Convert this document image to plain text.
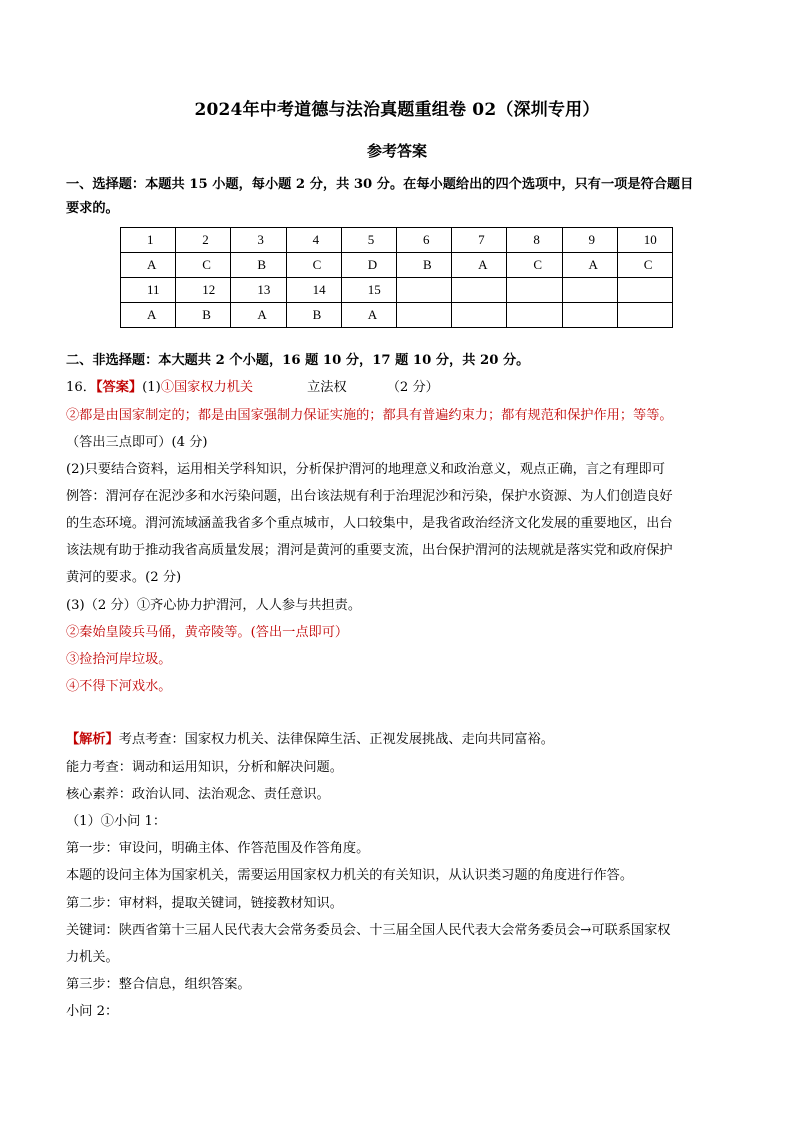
2024年中考道德与法治真题重组卷 02（深圳专用）
参考答案
一、选择题：本题共 15 小题，每小题 2 分，共 30 分。在每小题给出的四个选项中，只有一项是符合题目
要求的。
1	2	3	4	5	6	7	8	9	10
A	C	B	C	D	B	A	C	A	C
11	12	13	14	15					
A	B	A	B	A					
二、非选择题：本大题共 2 个小题，16 题 10 分，17 题 10 分，共 20 分。
16．【答案】(1)①国家权力机关	立法权	（2 分）
②都是由国家制定的；都是由国家强制力保证实施的；都具有普遍约束力；都有规范和保护作用；等等。
（答出三点即可）(4 分)
(2)只要结合资料，运用相关学科知识，分析保护渭河的地理意义和政治意义，观点正确，言之有理即可
例答：渭河存在泥沙多和水污染问题，出台该法规有利于治理泥沙和污染，保护水资源、为人们创造良好
的生态环境。渭河流域涵盖我省多个重点城市，人口较集中，是我省政治经济文化发展的重要地区，出台
该法规有助于推动我省高质量发展；渭河是黄河的重要支流，出台保护渭河的法规就是落实党和政府保护
黄河的要求。(2 分)
(3)（2 分）①齐心协力护渭河，人人参与共担责。
②秦始皇陵兵马俑，黄帝陵等。(答出一点即可）
③捡拾河岸垃圾。
④不得下河戏水。
【解析】考点考查：国家权力机关、法律保障生活、正视发展挑战、走向共同富裕。
能力考查：调动和运用知识，分析和解决问题。
核心素养：政治认同、法治观念、责任意识。
（1）①小问 1：
第一步：审设问，明确主体、作答范围及作答角度。
本题的设问主体为国家机关，需要运用国家权力机关的有关知识，从认识类习题的角度进行作答。
第二步：审材料，提取关键词，链接教材知识。
关键词：陕西省第十三届人民代表大会常务委员会、十三届全国人民代表大会常务委员会→可联系国家权
力机关。
第三步：整合信息，组织答案。
小问 2：
